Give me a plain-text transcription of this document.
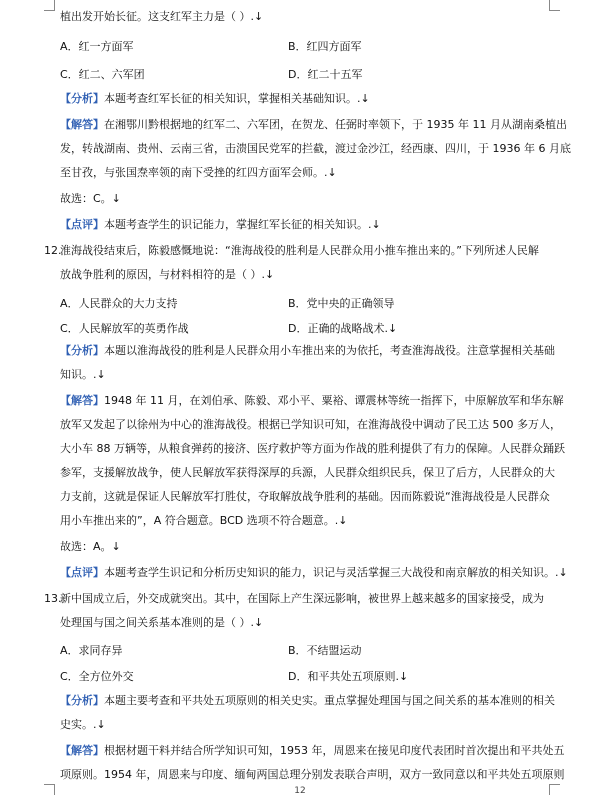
植出发开始长征。这支红军主力是（ ）.↓
A．红一方面军	B．红四方面军
C．红二、六军团	D．红二十五军
【分析】本题考查红军长征的相关知识，掌握相关基础知识。.↓
【解答】在湘鄂川黔根据地的红军二、六军团，在贺龙、任弼时率领下，于 1935 年 11 月从湖南桑植出
发，转战湖南、贵州、云南三省，击溃国民党军的拦截，渡过金沙江，经西康、四川，于 1936 年 6 月底
至甘孜，与张国焘率领的南下受挫的红四方面军会师。.↓
故选：C。↓
【点评】本题考查学生的识记能力，掌握红军长征的相关知识。.↓
12.
淮海战役结束后，陈毅感慨地说：“淮海战役的胜利是人民群众用小推车推出来的。”下列所述人民解
放战争胜利的原因，与材料相符的是（ ）.↓
A．人民群众的大力支持	B．党中央的正确领导
C．人民解放军的英勇作战	D．正确的战略战术.↓
【分析】本题以淮海战役的胜利是人民群众用小车推出来的为依托，考查淮海战役。注意掌握相关基础
知识。.↓
【解答】1948 年 11 月，在刘伯承、陈毅、邓小平、粟裕、谭震林等统一指挥下，中原解放军和华东解
放军又发起了以徐州为中心的淮海战役。根据已学知识可知，在淮海战役中调动了民工达 500 多万人，
大小车 88 万辆等，从粮食弹药的接济、医疗救护等方面为作战的胜利提供了有力的保障。人民群众踊跃
参军，支援解放战争，使人民解放军获得深厚的兵源，人民群众组织民兵，保卫了后方，人民群众的大
力支前，这就是保证人民解放军打胜仗，夺取解放战争胜利的基础。因而陈毅说“淮海战役是人民群众
用小车推出来的”，A 符合题意。BCD 选项不符合题意。.↓
故选：A。↓
【点评】本题考查学生识记和分析历史知识的能力，识记与灵活掌握三大战役和南京解放的相关知识。.↓
13.
新中国成立后，外交成就突出。其中，在国际上产生深远影响，被世界上越来越多的国家接受，成为
处理国与国之间关系基本准则的是（ ）.↓
A．求同存异	B．不结盟运动
C．全方位外交	D．和平共处五项原则.↓
【分析】本题主要考查和平共处五项原则的相关史实。重点掌握处理国与国之间关系的基本准则的相关
史实。.↓
【解答】根据材题干料并结合所学知识可知，1953 年，周恩来在接见印度代表团时首次提出和平共处五
项原则。1954 年，周恩来与印度、缅甸两国总理分别发表联合声明，双方一致同意以和平共处五项原则
12
